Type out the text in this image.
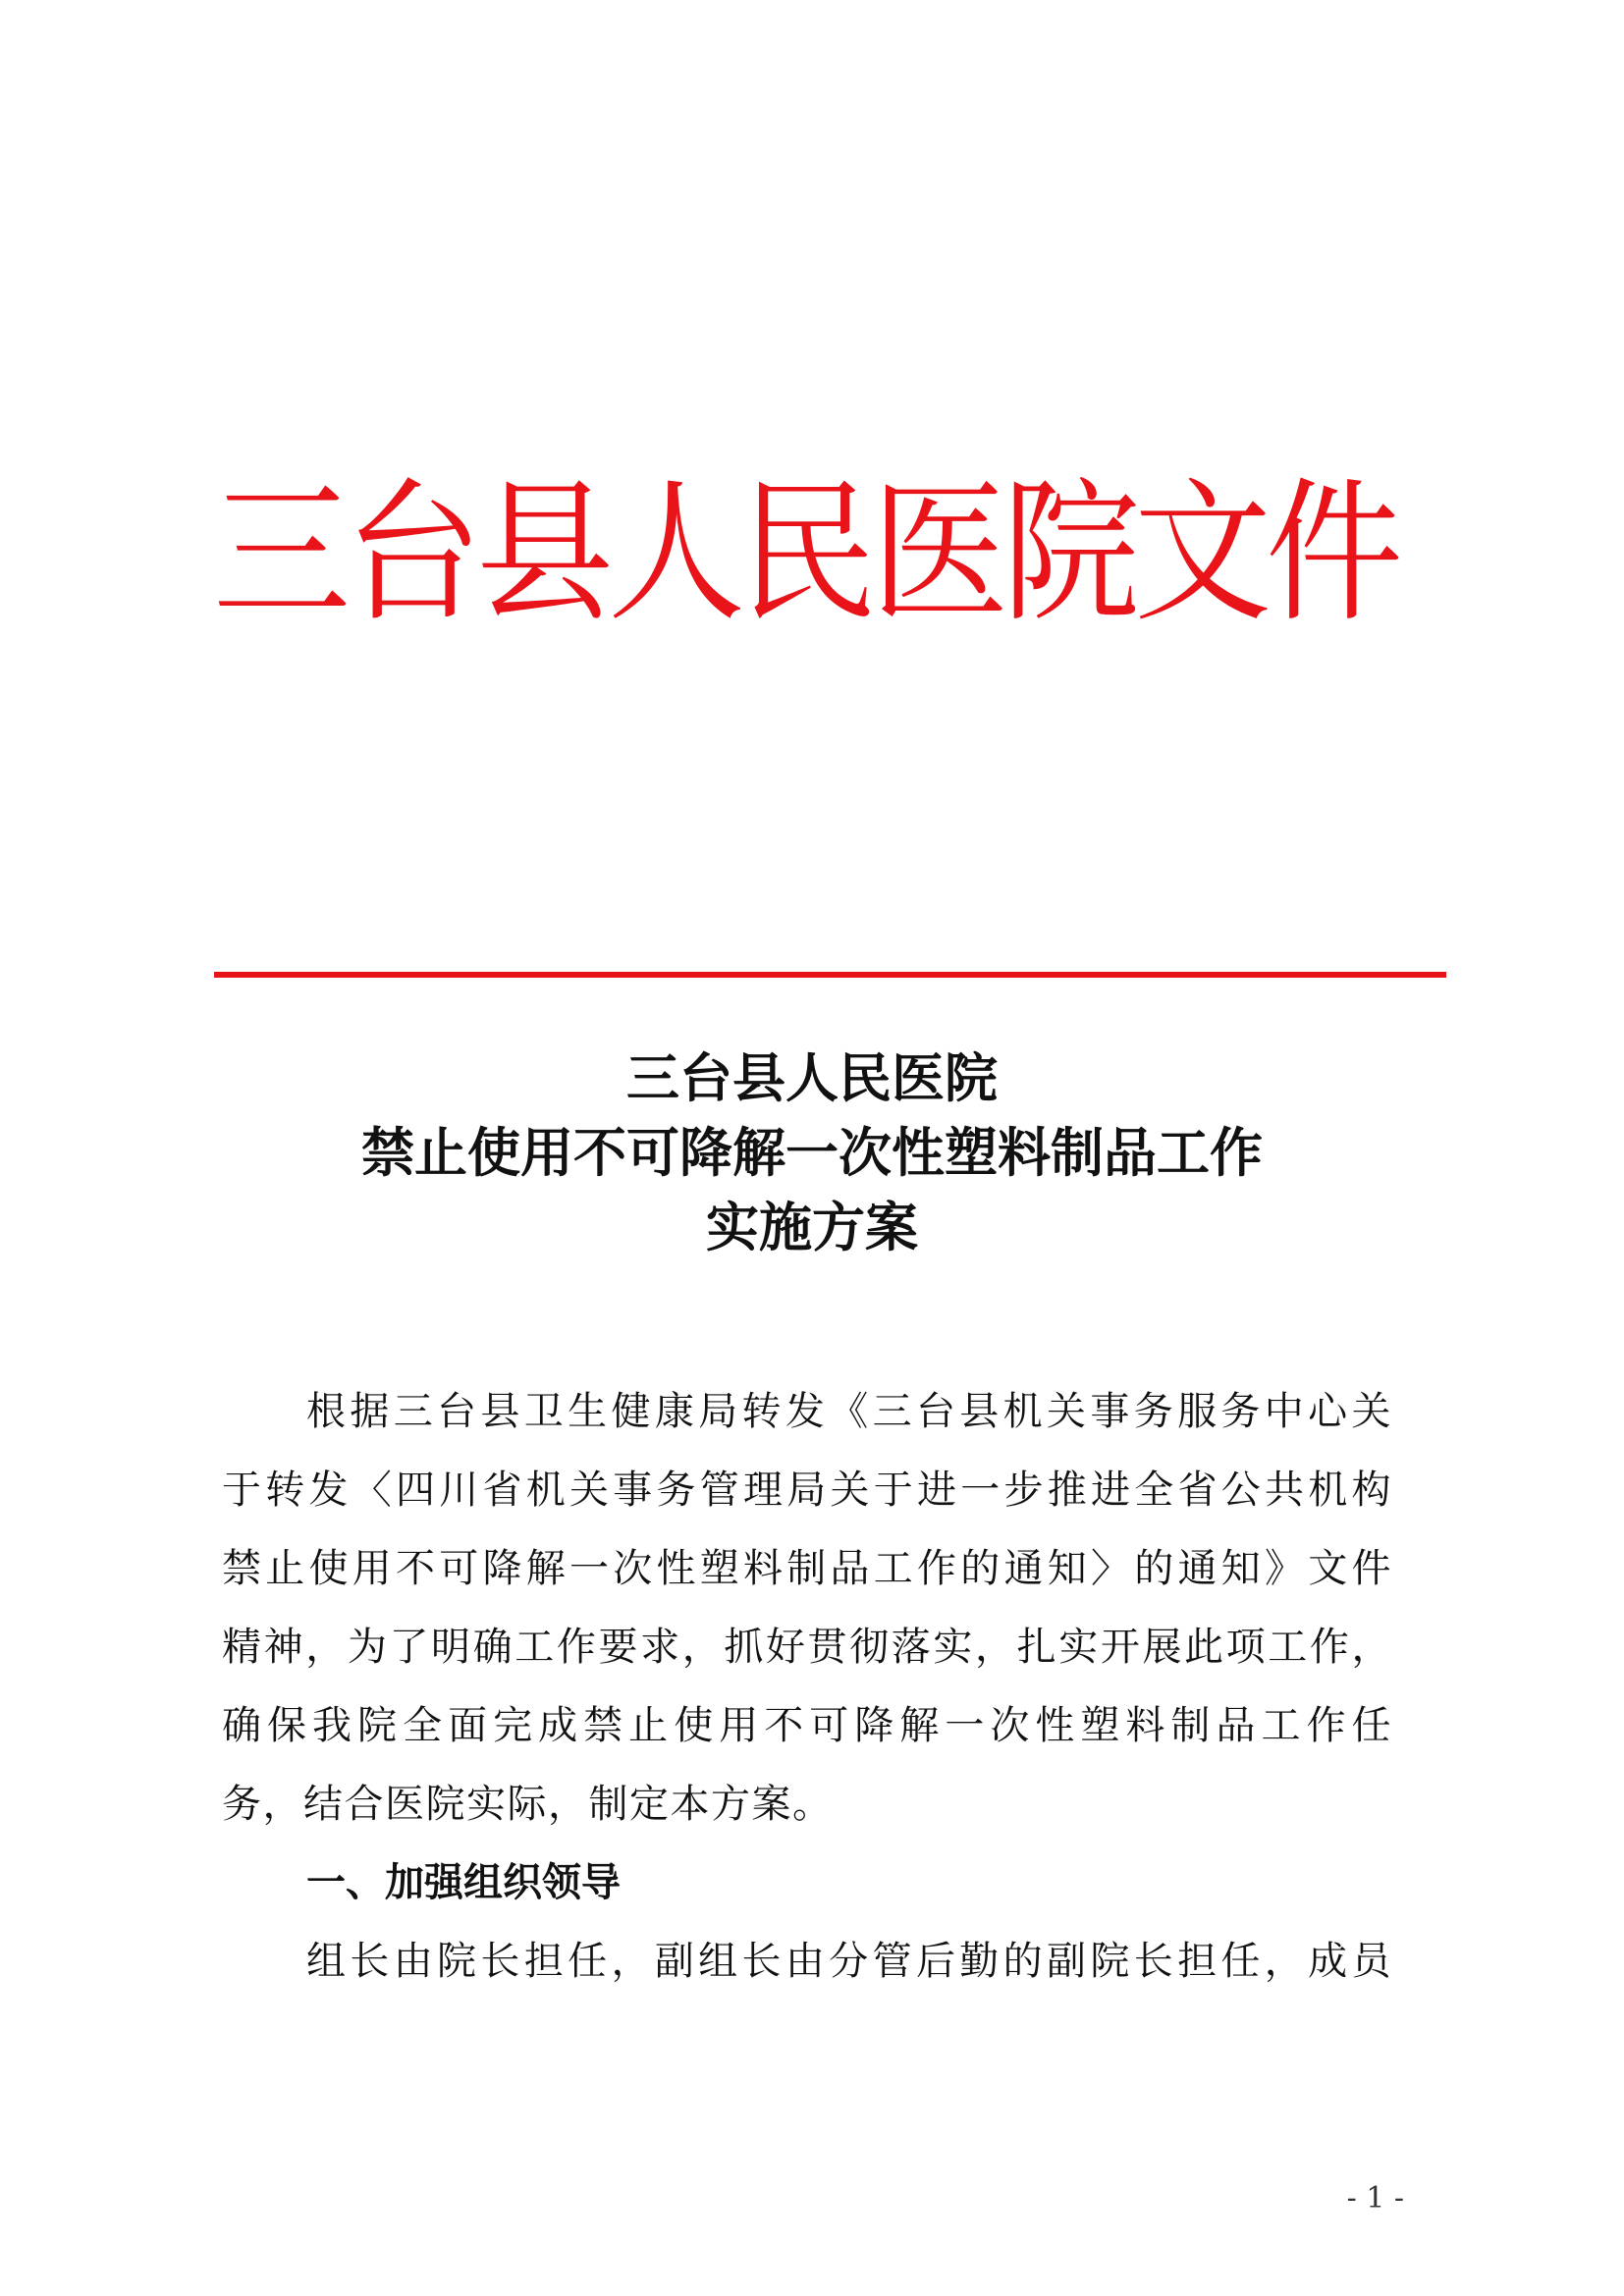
三台县人民医院文件
三台县人民医院
禁止使用不可降解一次性塑料制品工作
实施方案
根据三台县卫生健康局转发《三台县机关事务服务中心关
于转发〈四川省机关事务管理局关于进一步推进全省公共机构
禁止使用不可降解一次性塑料制品工作的通知〉的通知》文件
精神，为了明确工作要求，抓好贯彻落实，扎实开展此项工作，
确保我院全面完成禁止使用不可降解一次性塑料制品工作任
务，结合医院实际，制定本方案。
一、加强组织领导
组长由院长担任，副组长由分管后勤的副院长担任，成员
- 1 -
